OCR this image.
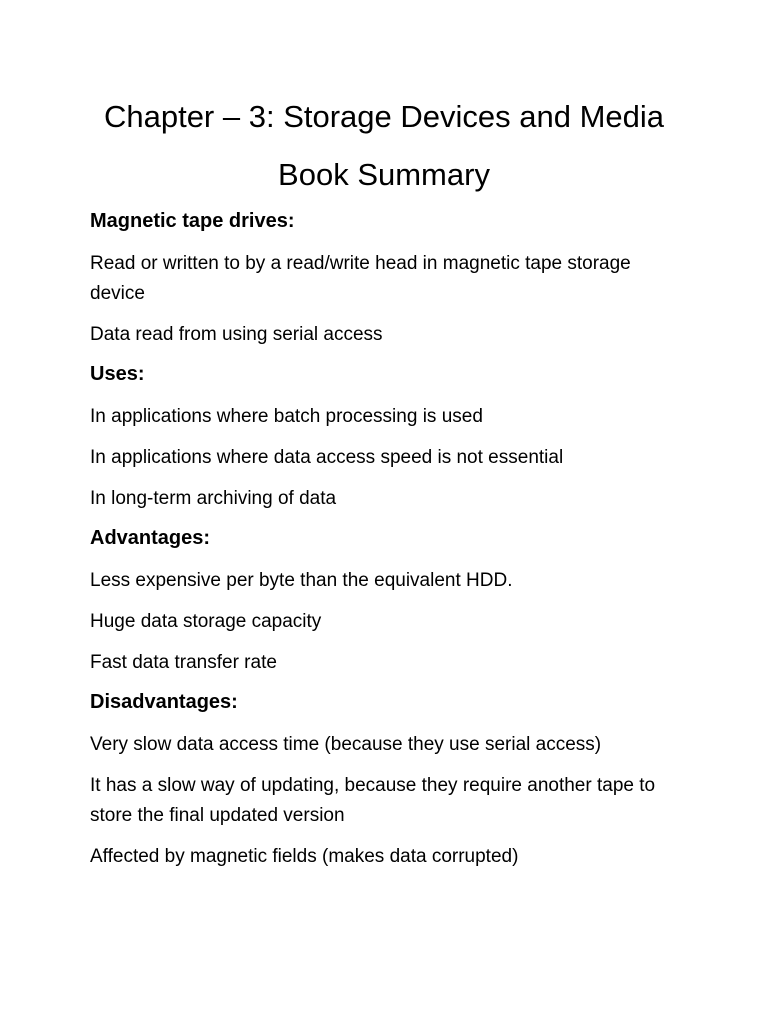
Chapter – 3: Storage Devices and Media
Book Summary
Magnetic tape drives:
Read or written to by a read/write head in magnetic tape storage device
Data read from using serial access
Uses:
In applications where batch processing is used
In applications where data access speed is not essential
In long-term archiving of data
Advantages:
Less expensive per byte than the equivalent HDD.
Huge data storage capacity
Fast data transfer rate
Disadvantages:
Very slow data access time (because they use serial access)
It has a slow way of updating, because they require another tape to store the final updated version
Affected by magnetic fields (makes data corrupted)
